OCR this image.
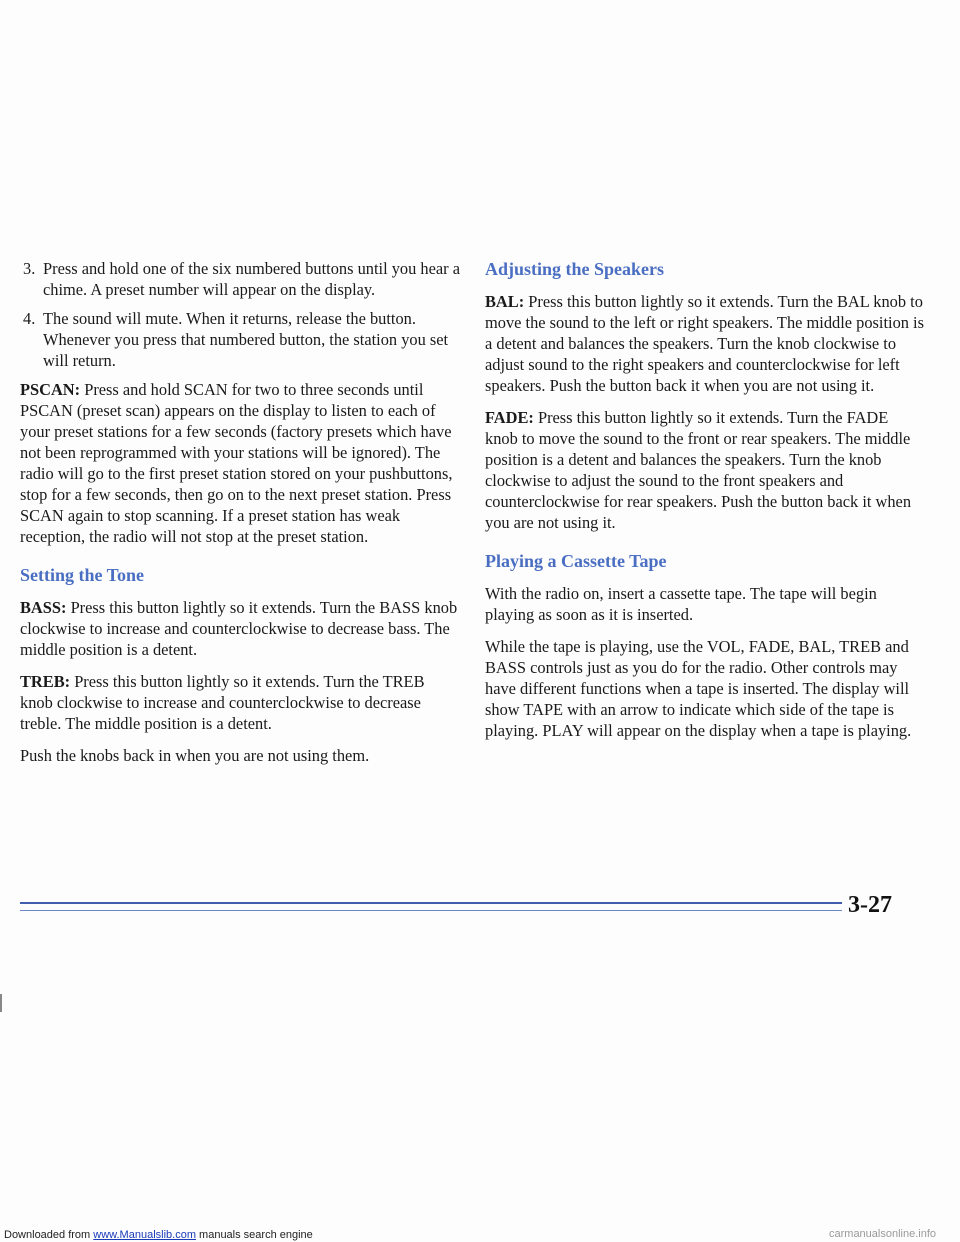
3. Press and hold one of the six numbered buttons until you hear a chime. A preset number will appear on the display.
4. The sound will mute. When it returns, release the button. Whenever you press that numbered button, the station you set will return.

PSCAN: Press and hold SCAN for two to three seconds until PSCAN (preset scan) appears on the display to listen to each of your preset stations for a few seconds (factory presets which have not been reprogrammed with your stations will be ignored). The radio will go to the first preset station stored on your pushbuttons, stop for a few seconds, then go on to the next preset station. Press SCAN again to stop scanning. If a preset station has weak reception, the radio will not stop at the preset station.

Setting the Tone

BASS: Press this button lightly so it extends. Turn the BASS knob clockwise to increase and counterclockwise to decrease bass. The middle position is a detent.

TREB: Press this button lightly so it extends. Turn the TREB knob clockwise to increase and counterclockwise to decrease treble. The middle position is a detent.

Push the knobs back in when you are not using them.

Adjusting the Speakers

BAL: Press this button lightly so it extends. Turn the BAL knob to move the sound to the left or right speakers. The middle position is a detent and balances the speakers. Turn the knob clockwise to adjust sound to the right speakers and counterclockwise for left speakers. Push the button back it when you are not using it.

FADE: Press this button lightly so it extends. Turn the FADE knob to move the sound to the front or rear speakers. The middle position is a detent and balances the speakers. Turn the knob clockwise to adjust the sound to the front speakers and counterclockwise for rear speakers. Push the button back it when you are not using it.

Playing a Cassette Tape

With the radio on, insert a cassette tape. The tape will begin playing as soon as it is inserted.

While the tape is playing, use the VOL, FADE, BAL, TREB and BASS controls just as you do for the radio. Other controls may have different functions when a tape is inserted. The display will show TAPE with an arrow to indicate which side of the tape is playing. PLAY will appear on the display when a tape is playing.

3-27
Downloaded from www.Manualslib.com manuals search engine	carmanualsonline.info
